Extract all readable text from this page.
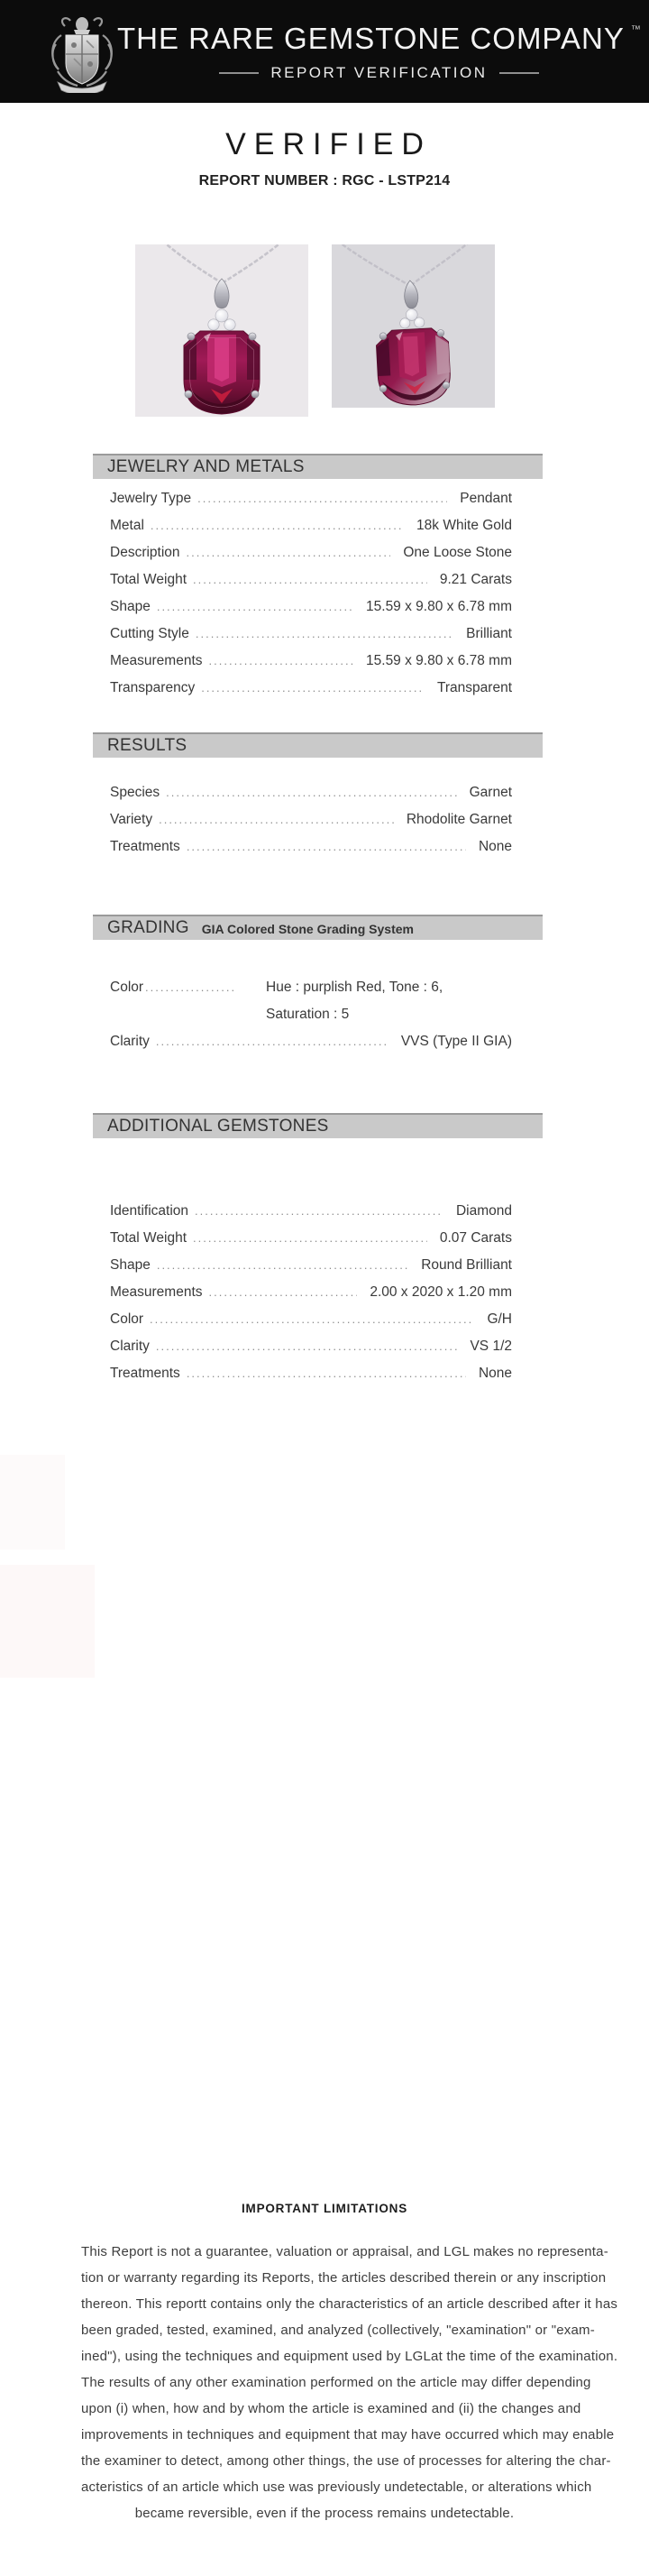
THE RARE GEMSTONE COMPANY ™
REPORT VERIFICATION
VERIFIED
REPORT NUMBER : RGC - LSTP214
JEWELRY AND METALS
Jewelry Type .....	Pendant
Metal .....	18k White Gold
Description .....	One Loose Stone
Total Weight .....	9.21 Carats
Shape .....	15.59 x 9.80 x 6.78 mm
Cutting Style .....	Brilliant
Measurements .....	15.59 x 9.80 x 6.78 mm
Transparency .....	Transparent
RESULTS
Species .....	Garnet
Variety .....	Rhodolite Garnet
Treatments .....	None
GRADING GIA Colored Stone Grading System
Color .....	Hue : purplish Red, Tone : 6,
Saturation : 5
Clarity .....	VVS (Type II GIA)
ADDITIONAL GEMSTONES
Identification .....	Diamond
Total Weight .....	0.07 Carats
Shape .....	Round Brilliant
Measurements .....	2.00 x 2020 x 1.20 mm
Color .....	G/H
Clarity .....	VS 1/2
Treatments .....	None
IMPORTANT LIMITATIONS
This Report is not a guarantee, valuation or appraisal, and LGL makes no representa-
tion or warranty regarding its Reports, the articles described therein or any inscription
thereon. This reportt contains only the characteristics of an article described after it has
been graded, tested, examined, and analyzed (collectively, "examination" or "exam-
ined"), using the techniques and equipment used by LGLat the time of the examination.
The results of any other examination performed on the article may differ depending
upon (i) when, how and by whom the article is examined and (ii) the changes and
improvements in techniques and equipment that may have occurred which may enable
the examiner to detect, among other things, the use of processes for altering the char-
acteristics of an article which use was previously undetectable, or alterations which
became reversible, even if the process remains undetectable.
